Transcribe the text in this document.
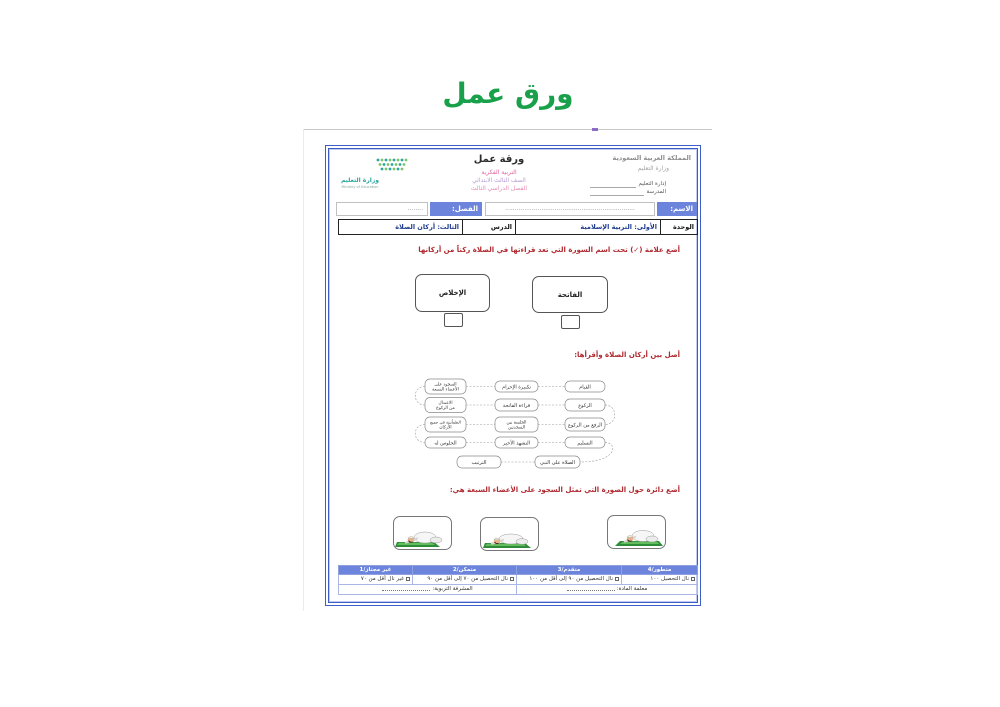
ورق عمل
المملكة العربية السعودية
وزارة التعليم
إدارة التعليم
المدرسة
ورقة عمل
التربية الفكرية
الصف الثالث الابتدائي
الفصل الدراسي الثالث
وزارة التعليم
Ministry of Education
الاسم:
....................................................................
الفصل:
........
الوحدة	الأولى: التربية الإسلامية	الدرس	الثالث: أركان الصلاة
أضع علامة (✓) تحت اسم السورة التي تعد قراءتها في الصلاة ركناً من أركانها
الفاتحة
الإخلاص
أصل بين أركان الصلاة وأقرأها:
القيام
تكبيرة الإحرام
السجود على
الأعضاء السبعة
الركوع
قراءة الفاتحة
الاعتدال
من الركوع
الرفع من الركوع
الجلسة بين
السجدتين
الطمأنينة في جميع
الأركان
التسليم
التشهد الأخير
الجلوس له
الصلاة على النبي
الترتيب
أضع دائرة حول الصورة التي تمثل السجود على الأعضاء السبعة هي:
متطور/4	متقدم/3	متمكن/2	غير مجتاز/1
نال التحصيل ١٠٠	نال التحصيل من ٩٠ إلى أقل من ١٠٠	نال التحصيل من ٧٠ إلى أقل من ٩٠	غير نال أقل من ٧٠
معلمة المادة:		المشرفة التربوية:	
